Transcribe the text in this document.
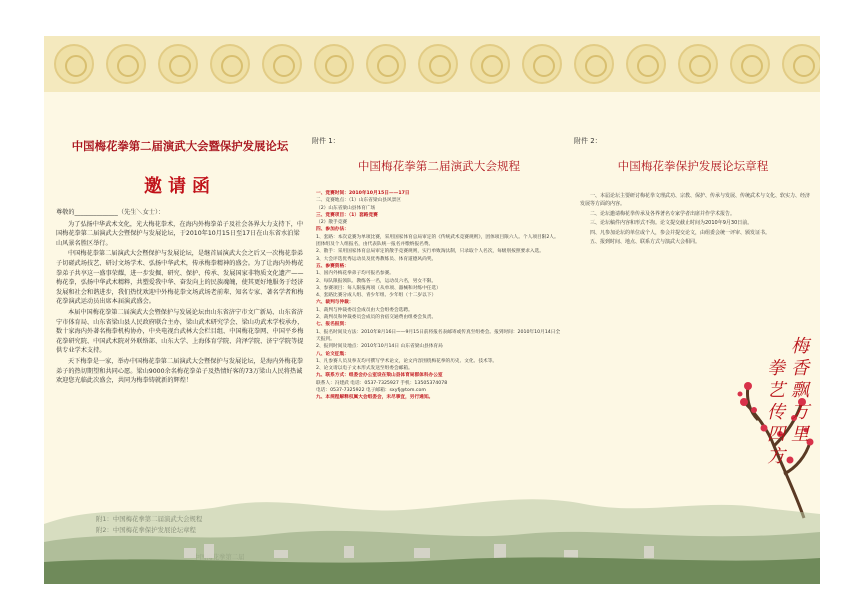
中国梅花拳第二届演武大会暨保护发展论坛
邀请函

尊敬的______________（先生＼女士）：

为了弘扬中华武术文化，光大梅花拳术，在海内外梅拳弟子及社会各界大力支持下，中国梅花拳第二届演武大会暨保护与发展论坛，于2010年10月15日至17日在山东省水泊梁山风景名胜区举行。

中国梅花拳第二届演武大会暨保护与发展论坛，是继首届演武大会之后又一次梅花拳弟子切磋武场技艺、研讨文场学术、弘扬中华武术，传承梅拳精神的盛会。为了让海内外梅花拳弟子共享这一盛事荣耀，进一步发掘、研究、保护、传承、发展国家非物质文化遗产——梅花拳，弘扬中华武术精粹，共塑爱我中华、奋发向上的民族魂魄，使其更好地服务于经济发展和社会和谐进步，我们热忱欢迎中外梅花拳文场武场老前辈、知名专家、著名学者和梅花拳演武运动员出席本届演武盛会。

本届中国梅花拳第二届演武大会暨保护与发展论坛由山东省济宁市文广新局、山东省济宁市体育局、山东省梁山县人民政府联合主办，梁山武术研究学会、梁山功武术学校承办，数十家海内外著名梅拳机构协办，中央电视台武林大会栏目组、中国梅花拳网、中国平乡梅花拳研究院、中国武术院对外联络部、山东大学、上海体育学院、菏泽学院、济宁学院等提供专业学术支持。

天下梅拳是一家，举办中国梅花拳第二届演武大会暨保护与发展论坛，是海内外梅花拳弟子的热切期望和共同心愿。梁山9000余名梅花拳弟子及热情好客的73万梁山人民将热诚欢迎您光临此次盛会，共同为梅拳铸就新的辉煌！

附件 1：
中国梅花拳第二届演武大会规程
一、竞赛时间：2010年10月15日——17日
二、竞赛地点：（1）山东省梁山县风景区
（2）山东省梁山县体育广场
三、竞赛项目：（1）套路竞赛
（2）散手竞赛
四、参加办法：
1、套路：本次竞赛为单项比赛，采用国家体育总局审定的《传统武术竞赛规则》，团体项目限六人。个人项目限2人。团体组及个人组报名，由代表队统一报名并缴纳报名费。
2、散手：采用国家体育总局审定的散手竞赛规则，实行单败淘汰制，只录取个人名次，每级别按照要求入选。
3、大会评选优秀运动员及优秀教练员、体育道德风尚奖。
五、参赛资格：
1、国内外梅花拳弟子均可报名参赛。
2、每队限报领队、教练各一名，运动员六名，男女不限。
3、参赛项目：每人限报两项（从单项、器械和对练中任选）
4、套路比赛分成人组、青少年组、少年组（十二岁以下）
六、裁判与仲裁：
1、裁判与仲裁委员会成员由大会组委会选聘。
2、裁判员和仲裁委员会成员的食宿交通费由组委会负责。
七、报名报到：
1、报名时间及方法：2010年8月16日——9月15日前将报名表邮寄或传真至组委会。报到时间：2010年10月14日全天报到。
2、报到时间及地点：2010年10月14日 山东省梁山县体育局
八、论文征集：
1、凡参赛人员及拳友均可撰写学术论文，论文内容围绕梅花拳的历史、文化、技术等。
2、论文请以电子文本形式发送至组委会邮箱。
九、联系方式：组委会办公室设在梁山县体育局群体科办公室
联系人：冯建武 电话：0537-7325927 手机：13505374078
电话：0537-7325922 电子邮箱：sxyfj@tom.com
九、本规程解释权属大会组委会，未尽事宜，另行通知。
附件 2：
中国梅花拳保护发展论坛章程

一、本届论坛主要研讨梅花拳文理武功、宗教、保护、传承与发展、传统武术与文化、软实力、经济发展等方面的内容。

二、论坛邀请梅花拳传承及各界著名专家学者出席并作学术报告。

三、论坛稿件内容和形式不拘。论文提交截止时间为2010年9月30日前。

四、凡参加论坛的单位或个人，参会并提交论文，由组委会统一评审、颁发证书。

五、报到时间、地点、联系方式与演武大会相同。

梅
香
飘
万
里
拳
艺
传
四
方
